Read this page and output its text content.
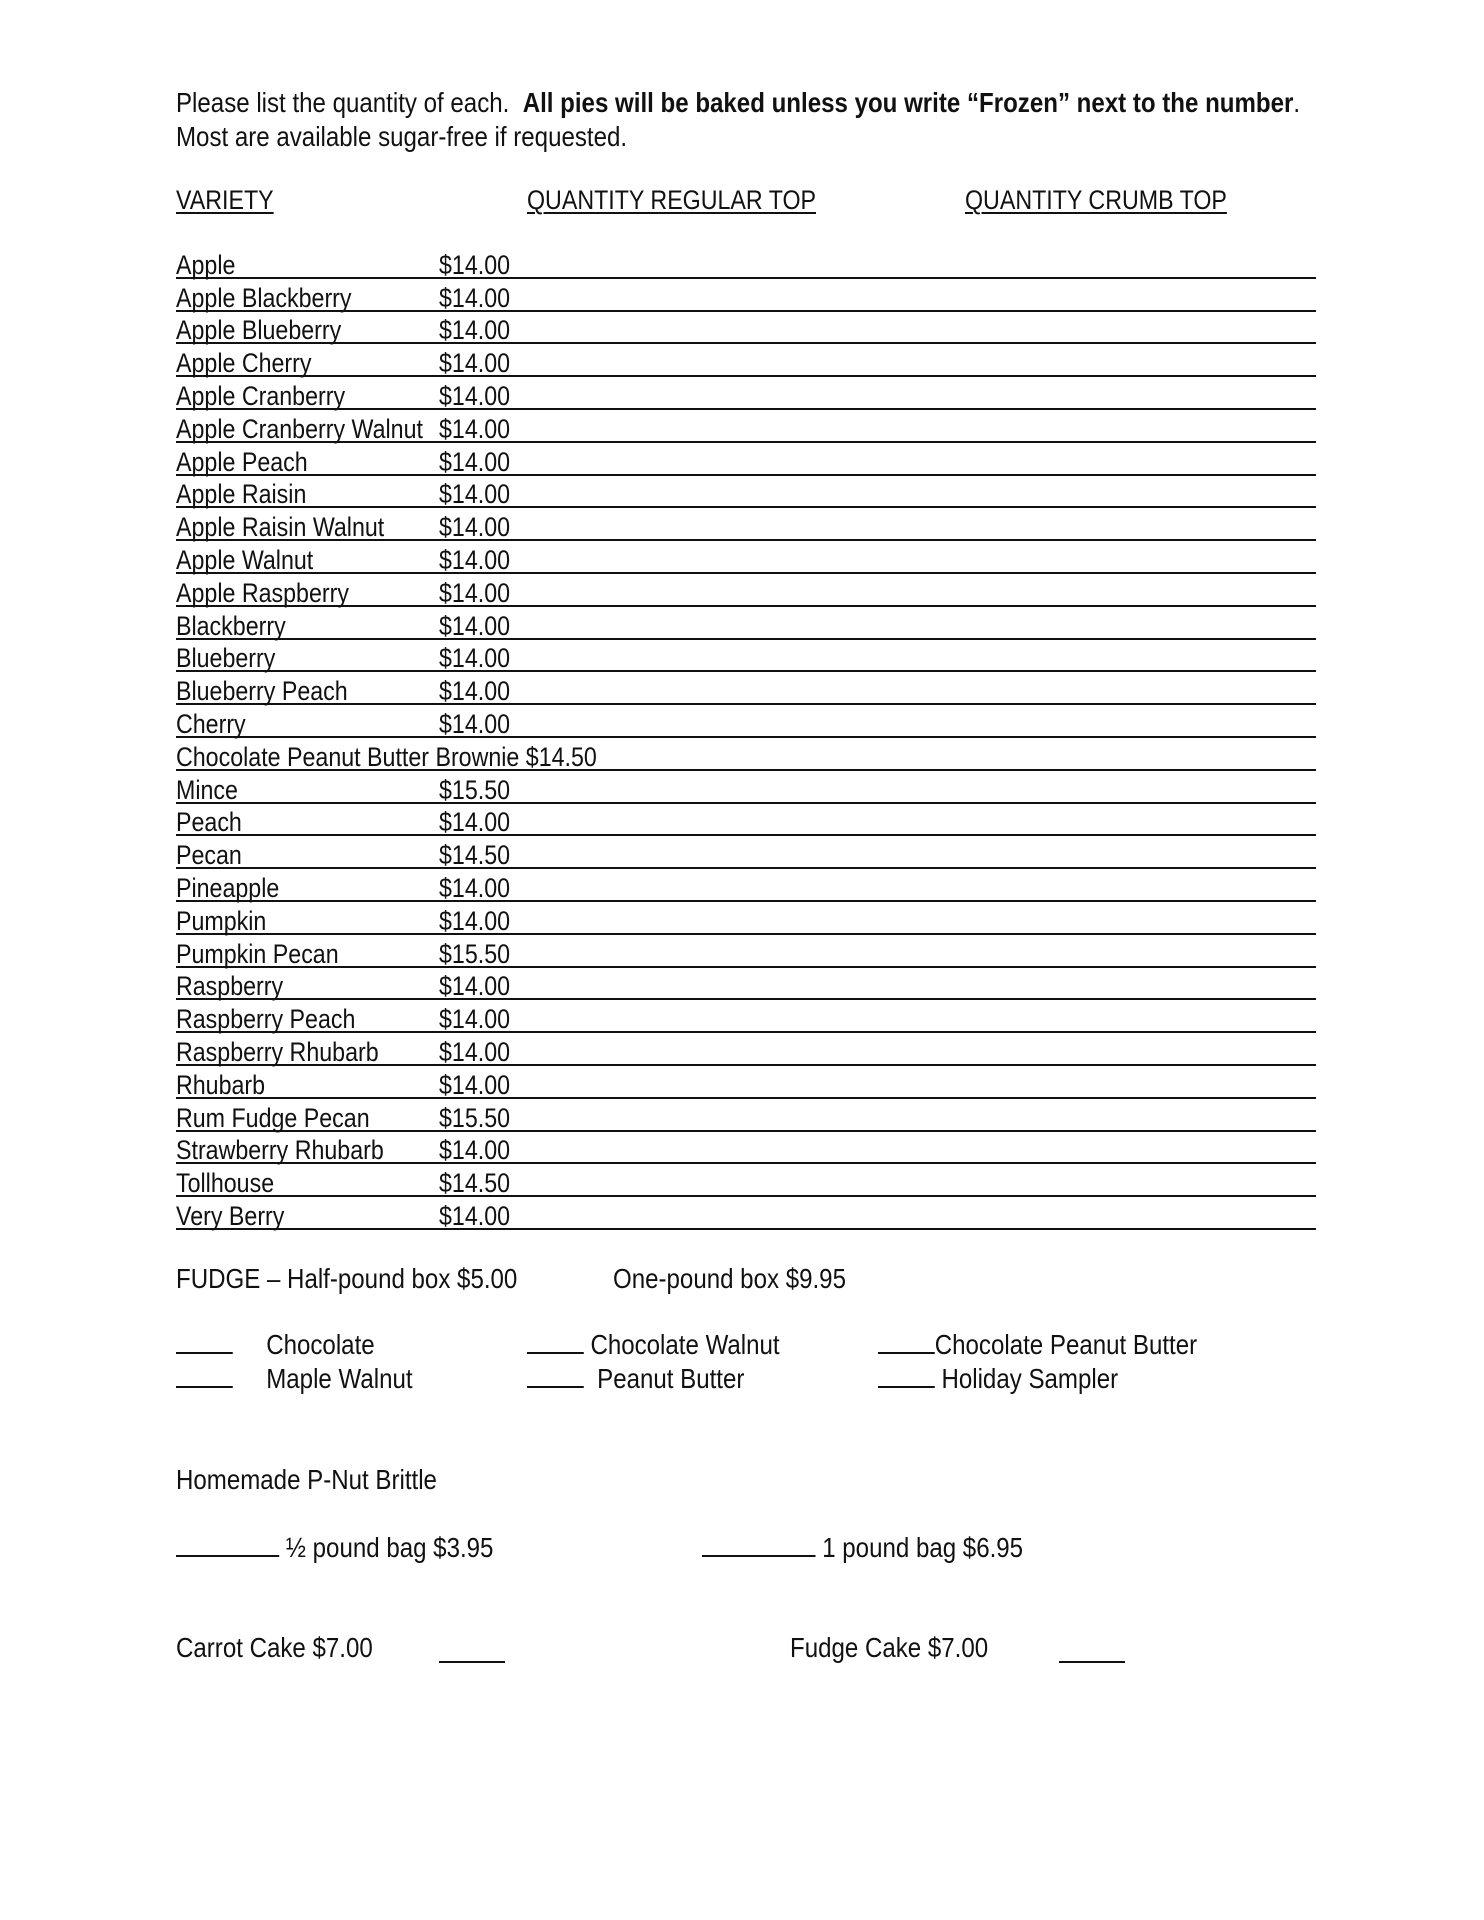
Please list the quantity of each. All pies will be baked unless you write “Frozen” next to the number.
Most are available sugar-free if requested.
VARIETY	QUANTITY REGULAR TOP	QUANTITY CRUMB TOP
Apple	$14.00
Apple Blackberry	$14.00
Apple Blueberry	$14.00
Apple Cherry	$14.00
Apple Cranberry	$14.00
Apple Cranberry Walnut $14.00
Apple Peach	$14.00
Apple Raisin	$14.00
Apple Raisin Walnut $14.00
Apple Walnut	$14.00
Apple Raspberry	$14.00
Blackberry	$14.00
Blueberry	$14.00
Blueberry Peach	$14.00
Cherry	$14.00
Chocolate Peanut Butter Brownie $14.50
Mince	$15.50
Peach	$14.00
Pecan	$14.50
Pineapple	$14.00
Pumpkin	$14.00
Pumpkin Pecan	$15.50
Raspberry	$14.00
Raspberry Peach	$14.00
Raspberry Rhubarb $14.00
Rhubarb	$14.00
Rum Fudge Pecan	$15.50
Strawberry Rhubarb $14.00
Tollhouse	$14.50
Very Berry	$14.00
FUDGE – Half-pound box $5.00	One-pound box $9.95
Chocolate
Maple Walnut
Chocolate Walnut
Peanut Butter
Chocolate Peanut Butter
Holiday Sampler
Homemade P-Nut Brittle
½ pound bag $3.95	1 pound bag $6.95
Carrot Cake $7.00	Fudge Cake $7.00
